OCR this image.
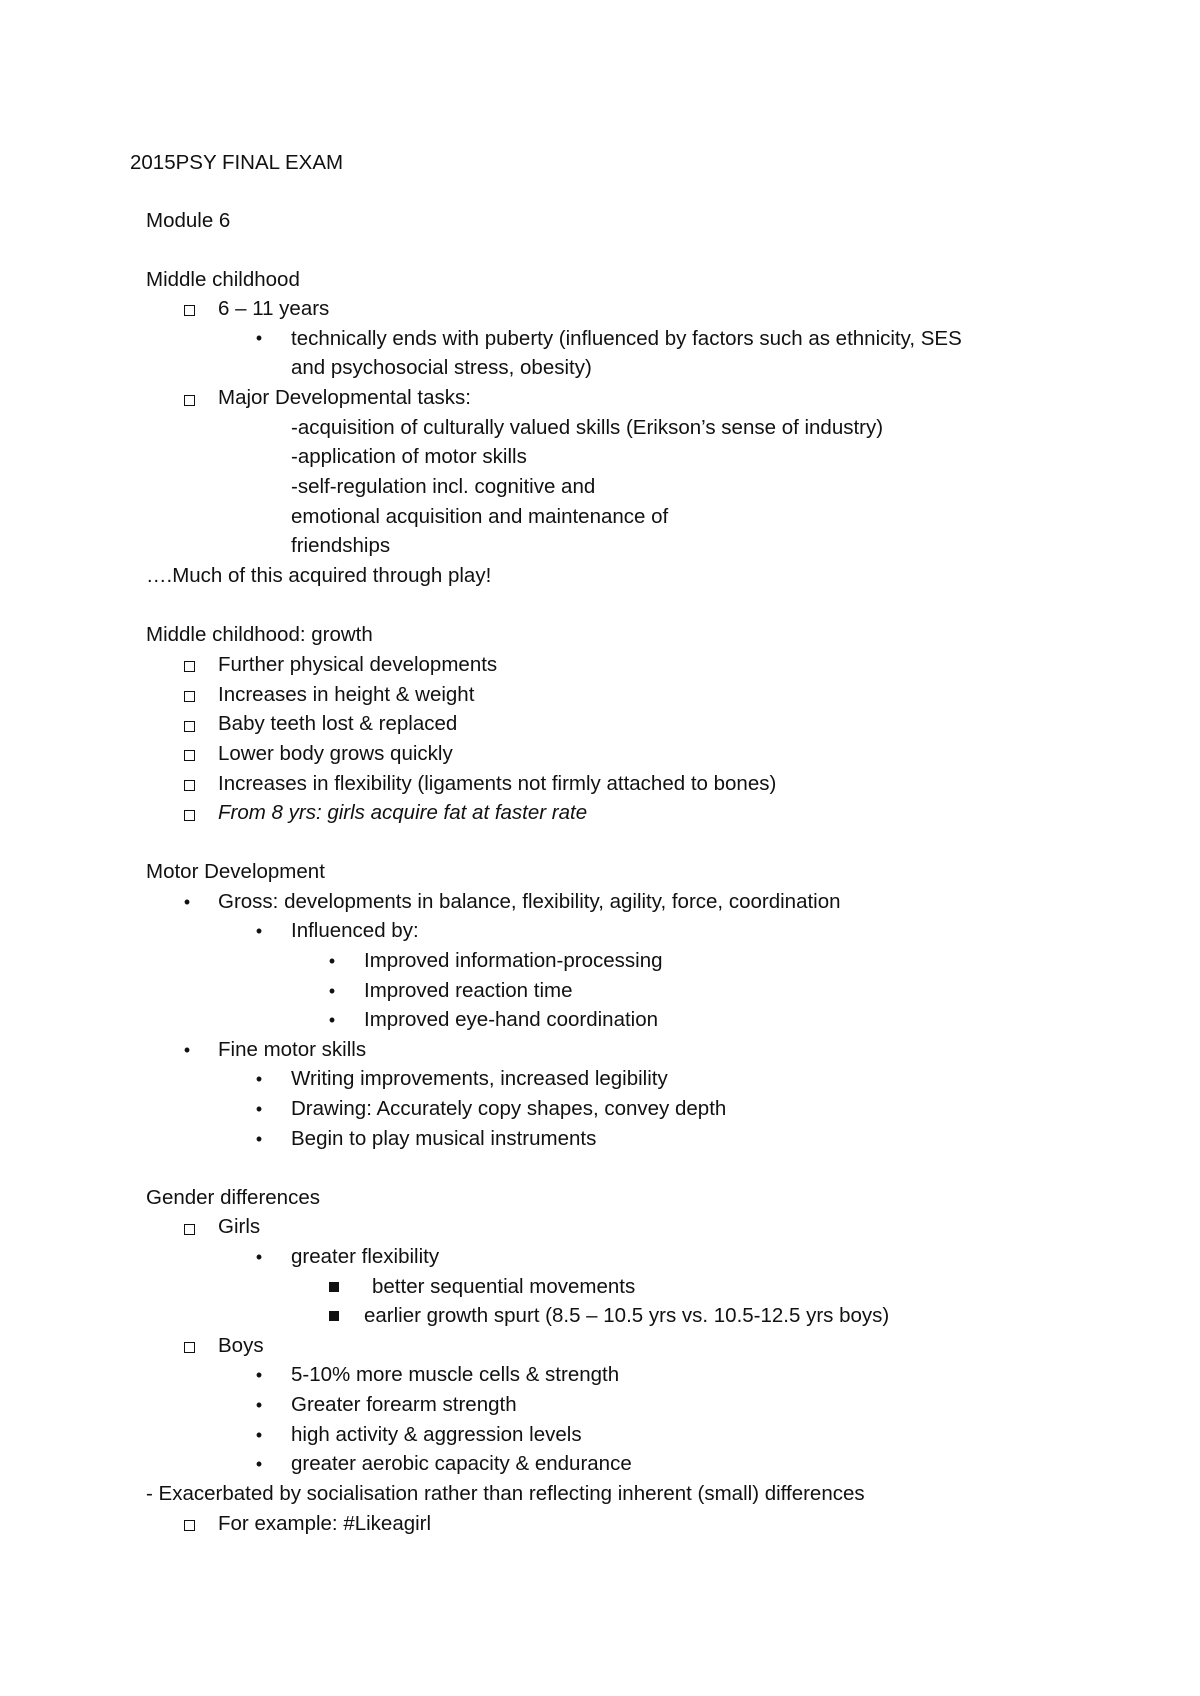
2015PSY FINAL EXAM
Module 6
Middle childhood
6 – 11 years
•	technically ends with puberty (influenced by factors such as ethnicity, SES
and psychosocial stress, obesity)
Major Developmental tasks:
-acquisition of culturally valued skills (Erikson’s sense of industry)
-application of motor skills
-self-regulation incl. cognitive and
emotional acquisition and maintenance of
friendships
….Much of this acquired through play!
Middle childhood: growth
Further physical developments
Increases in height & weight
Baby teeth lost & replaced
Lower body grows quickly
Increases in flexibility (ligaments not firmly attached to bones)
From 8 yrs: girls acquire fat at faster rate
Motor Development
•	Gross: developments in balance, flexibility, agility, force, coordination
•	Influenced by:
•	Improved information-processing
•	Improved reaction time
•	Improved eye-hand coordination
•	Fine motor skills
•	Writing improvements, increased legibility
•	Drawing: Accurately copy shapes, convey depth
•	Begin to play musical instruments
Gender differences
Girls
•	greater flexibility
better sequential movements
earlier growth spurt (8.5 – 10.5 yrs vs. 10.5-12.5 yrs boys)
Boys
•	5-10% more muscle cells & strength
•	Greater forearm strength
•	high activity & aggression levels
•	greater aerobic capacity & endurance
- Exacerbated by socialisation rather than reflecting inherent (small) differences
For example: #Likeagirl
